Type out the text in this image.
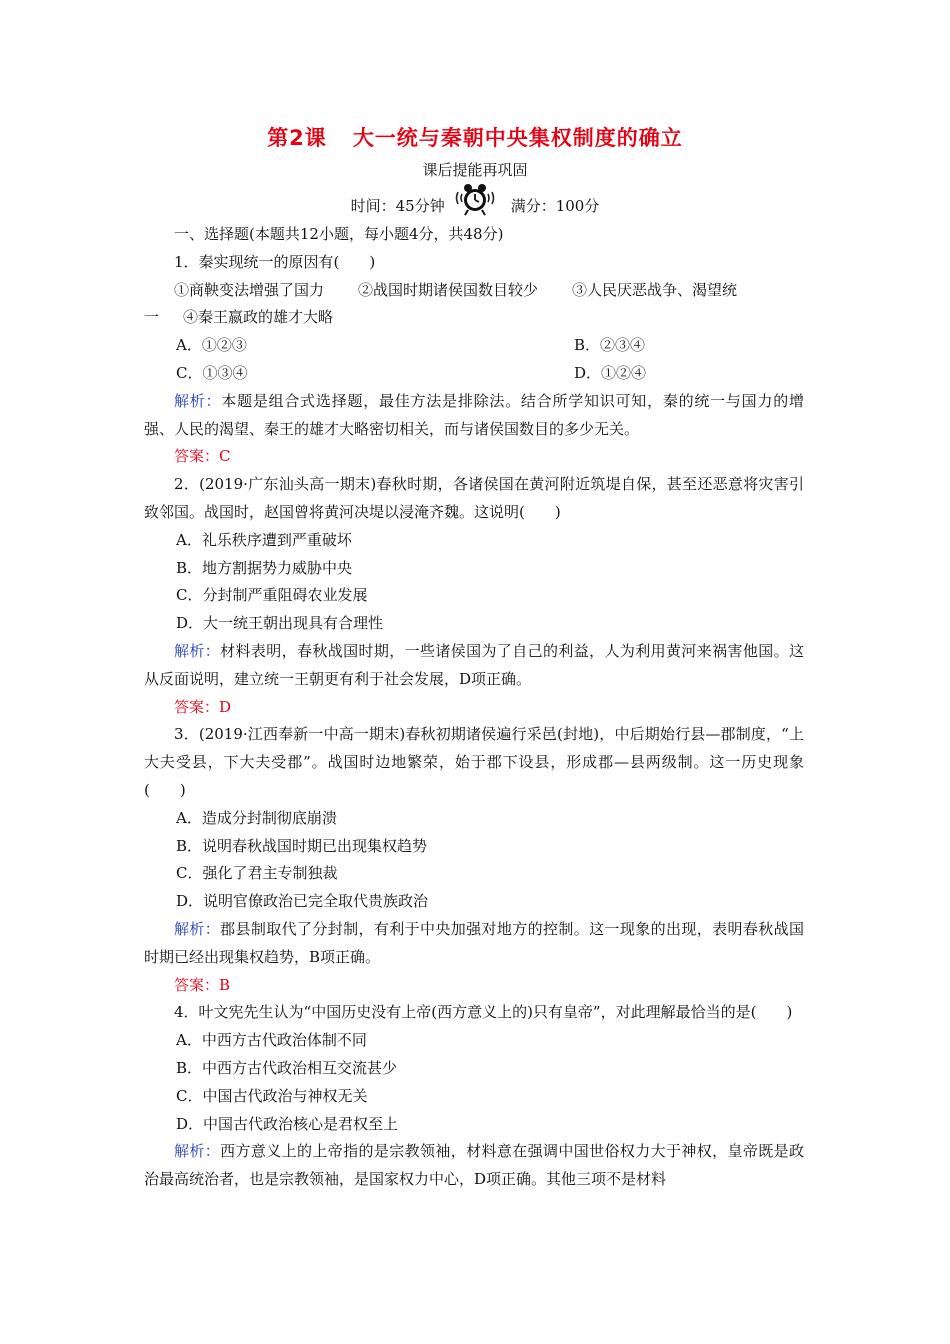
第2课 大一统与秦朝中央集权制度的确立
课后提能再巩固
时间：45分钟	满分：100分

一、选择题(本题共12小题，每小题4分，共48分)

1．秦实现统一的原因有(　　)

①商鞅变法增强了国力 ②战国时期诸侯国数目较少 ③人民厌恶战争、渴望统

一 ④秦王嬴政的雄才大略

A．①②③	B．②③④
C．①③④	D．①②④

解析：本题是组合式选择题，最佳方法是排除法。结合所学知识可知，秦的统一与国力的增强、人民的渴望、秦王的雄才大略密切相关，而与诸侯国数目的多少无关。

答案：C

2．(2019·广东汕头高一期末)春秋时期，各诸侯国在黄河附近筑堤自保，甚至还恶意将灾害引致邻国。战国时，赵国曾将黄河决堤以浸淹齐魏。这说明(　　)

A．礼乐秩序遭到严重破坏

B．地方割据势力威胁中央

C．分封制严重阻碍农业发展

D．大一统王朝出现具有合理性

解析：材料表明，春秋战国时期，一些诸侯国为了自己的利益，人为利用黄河来祸害他国。这从反面说明，建立统一王朝更有利于社会发展，D项正确。

答案：D

3．(2019·江西奉新一中高一期末)春秋初期诸侯遍行采邑(封地)，中后期始行县—郡制度，“上大夫受县，下大夫受郡”。战国时边地繁荣，始于郡下设县，形成郡—县两级制。这一历史现象(　　)

A．造成分封制彻底崩溃

B．说明春秋战国时期已出现集权趋势

C．强化了君主专制独裁

D．说明官僚政治已完全取代贵族政治

解析：郡县制取代了分封制，有利于中央加强对地方的控制。这一现象的出现，表明春秋战国时期已经出现集权趋势，B项正确。

答案：B

4．叶文宪先生认为“中国历史没有上帝(西方意义上的)只有皇帝”，对此理解最恰当的是(　　)

A．中西方古代政治体制不同

B．中西方古代政治相互交流甚少

C．中国古代政治与神权无关

D．中国古代政治核心是君权至上

解析：西方意义上的上帝指的是宗教领袖，材料意在强调中国世俗权力大于神权，皇帝既是政治最高统治者，也是宗教领袖，是国家权力中心，D项正确。其他三项不是材料
